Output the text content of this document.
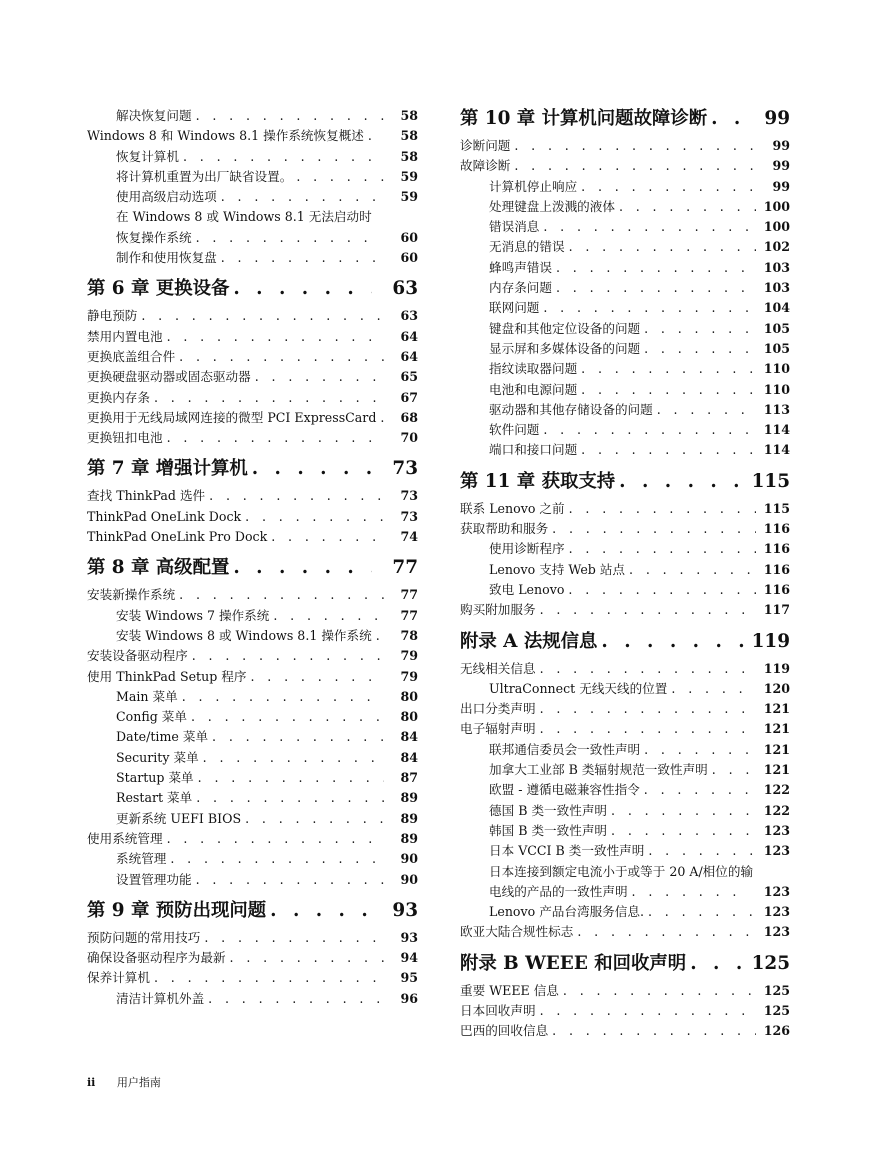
解决恢复问题 . . .	58
Windows 8 和 Windows 8.1 操作系统恢复概述 . . .	58
恢复计算机 . . .	58
将计算机重置为出厂缺省设置。 . . .	59
使用高级启动选项 . . .	59
在 Windows 8 或 Windows 8.1 无法启动时恢复操作系统 . . .	60
制作和使用恢复盘 . . .	60
第 6 章 更换设备 . . .	63
静电预防 . . .	63
禁用内置电池 . . .	64
更换底盖组合件 . . .	64
更换硬盘驱动器或固态驱动器 . . .	65
更换内存条 . . .	67
更换用于无线局域网连接的微型 PCI ExpressCard . . .	68
更换钮扣电池 . . .	70
第 7 章 增强计算机 . . .	73
查找 ThinkPad 选件 . . .	73
ThinkPad OneLink Dock . . .	73
ThinkPad OneLink Pro Dock . . .	74
第 8 章 高级配置 . . .	77
安装新操作系统 . . .	77
安装 Windows 7 操作系统 . . .	77
安装 Windows 8 或 Windows 8.1 操作系统 . . .	78
安装设备驱动程序 . . .	79
使用 ThinkPad Setup 程序 . . .	79
Main 菜单 . . .	80
Config 菜单 . . .	80
Date/time 菜单 . . .	84
Security 菜单 . . .	84
Startup 菜单 . . .	87
Restart 菜单 . . .	89
更新系统 UEFI BIOS . . .	89
使用系统管理 . . .	89
系统管理 . . .	90
设置管理功能 . . .	90
第 9 章 预防出现问题 . . .	93
预防问题的常用技巧 . . .	93
确保设备驱动程序为最新 . . .	94
保养计算机 . . .	95
清洁计算机外盖 . . .	96
第 10 章 计算机问题故障诊断 . . .	99
诊断问题 . . .	99
故障诊断 . . .	99
计算机停止响应 . . .	99
处理键盘上泼溅的液体 . . .	100
错误消息 . . .	100
无消息的错误 . . .	102
蜂鸣声错误 . . .	103
内存条问题 . . .	103
联网问题 . . .	104
键盘和其他定位设备的问题 . . .	105
显示屏和多媒体设备的问题 . . .	105
指纹读取器问题 . . .	110
电池和电源问题 . . .	110
驱动器和其他存储设备的问题 . . .	113
软件问题 . . .	114
端口和接口问题 . . .	114
第 11 章 获取支持 . . .	115
联系 Lenovo 之前 . . .	115
获取帮助和服务 . . .	116
使用诊断程序 . . .	116
Lenovo 支持 Web 站点 . . .	116
致电 Lenovo . . .	116
购买附加服务 . . .	117
附录 A 法规信息 . . .	119
无线相关信息 . . .	119
UltraConnect 无线天线的位置 . . .	120
出口分类声明 . . .	121
电子辐射声明 . . .	121
联邦通信委员会一致性声明 . . .	121
加拿大工业部 B 类辐射规范一致性声明 . . .	121
欧盟 - 遵循电磁兼容性指令 . . .	122
德国 B 类一致性声明 . . .	122
韩国 B 类一致性声明 . . .	123
日本 VCCI B 类一致性声明 . . .	123
日本连接到额定电流小于或等于 20 A/相位的输电线的产品的一致性声明 . . .	123
Lenovo 产品台湾服务信息. . . .	123
欧亚大陆合规性标志 . . .	123
附录 B WEEE 和回收声明 . . .	125
重要 WEEE 信息 . . .	125
日本回收声明 . . .	125
巴西的回收信息 . . .	126
ii 用户指南
